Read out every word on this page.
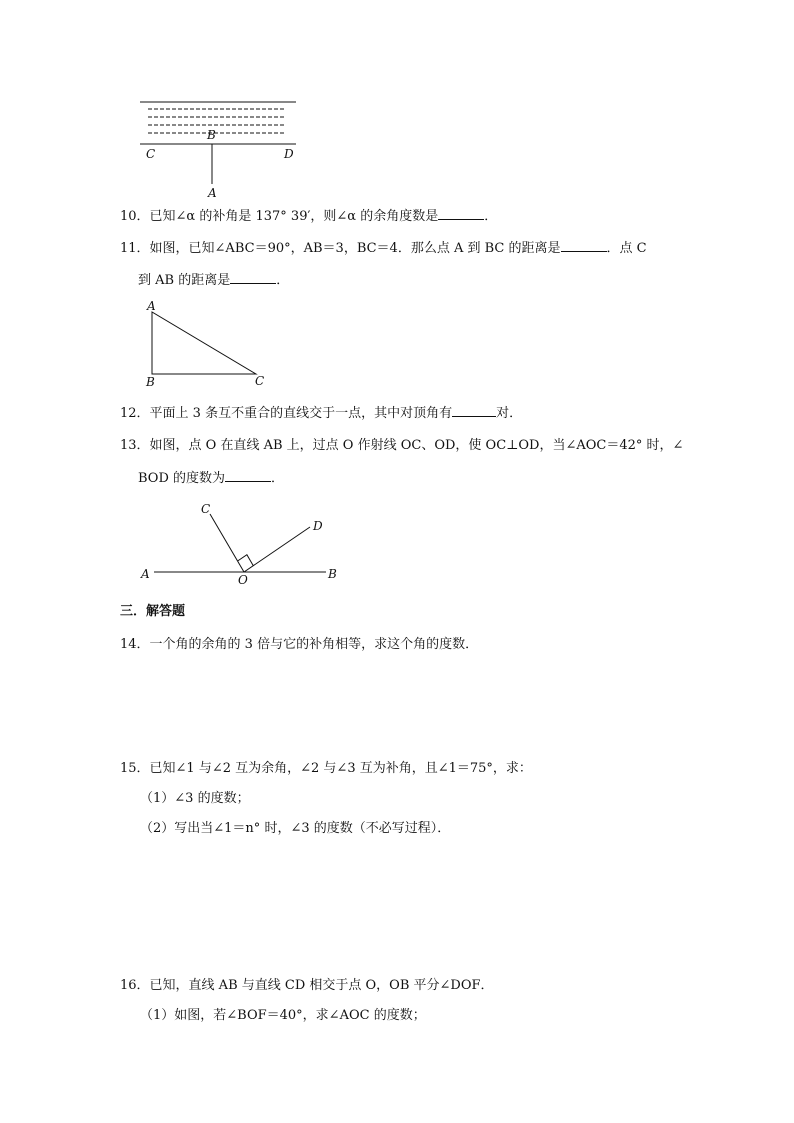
B
C	D
A
10．已知∠α 的补角是 137° 39′，则∠α 的余角度数是	．
11．如图，已知∠ABC＝90°，AB＝3，BC＝4．那么点 A 到 BC 的距离是	．点 C
到 AB 的距离是	．
A
B	C
12．平面上 3 条互不重合的直线交于一点，其中对顶角有	对．
13．如图，点 O 在直线 AB 上，过点 O 作射线 OC、OD，使 OC⊥OD，当∠AOC＝42° 时，∠
BOD 的度数为	．
A	B
C
D
O
三．解答题
14．一个角的余角的 3 倍与它的补角相等，求这个角的度数．
15．已知∠1 与∠2 互为余角，∠2 与∠3 互为补角，且∠1＝75°，求：
（1）∠3 的度数；
（2）写出当∠1＝n° 时，∠3 的度数（不必写过程）．
16．已知，直线 AB 与直线 CD 相交于点 O，OB 平分∠DOF．
（1）如图，若∠BOF＝40°，求∠AOC 的度数；
